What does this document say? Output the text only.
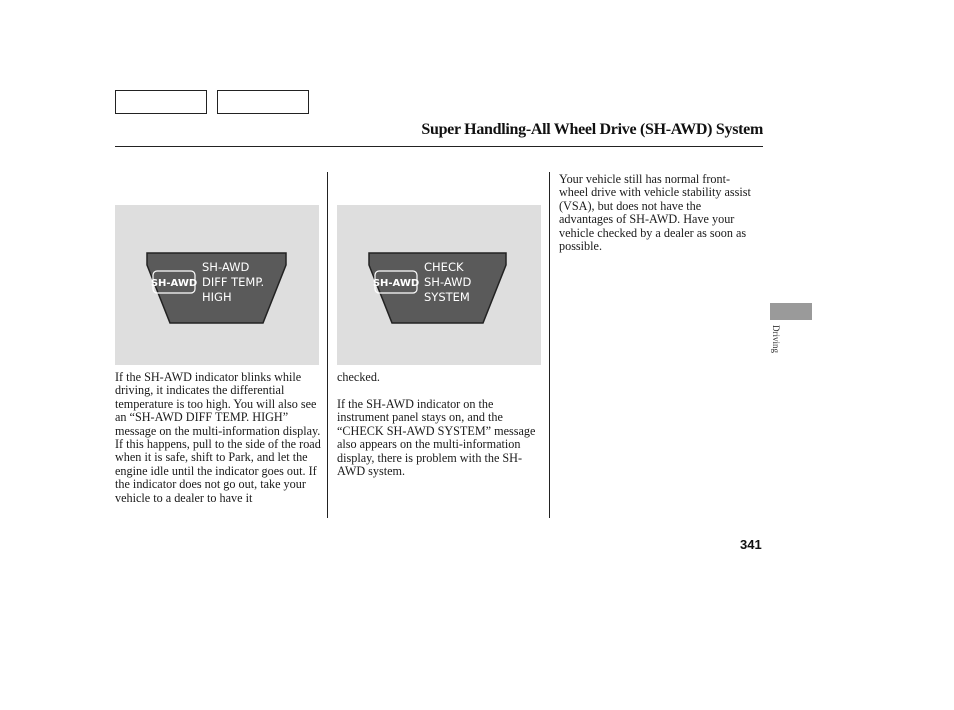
Super Handling-All Wheel Drive (SH-AWD) System
SH-AWD
SH-AWD
DIFF TEMP.
HIGH
SH-AWD
CHECK
SH-AWD
SYSTEM

If the SH-AWD indicator blinks while driving, it indicates the differential temperature is too high. You will also see an “SH-AWD DIFF TEMP. HIGH” message on the multi-information display. If this happens, pull to the side of the road when it is safe, shift to Park, and let the engine idle until the indicator goes out. If the indicator does not go out, take your vehicle to a dealer to have it

checked.

If the SH-AWD indicator on the instrument panel stays on, and the “CHECK SH-AWD SYSTEM” message also appears on the multi-information display, there is problem with the SH-AWD system.

Your vehicle still has normal front-wheel drive with vehicle stability assist (VSA), but does not have the advantages of SH-AWD. Have your vehicle checked by a dealer as soon as possible.

Driving
341
